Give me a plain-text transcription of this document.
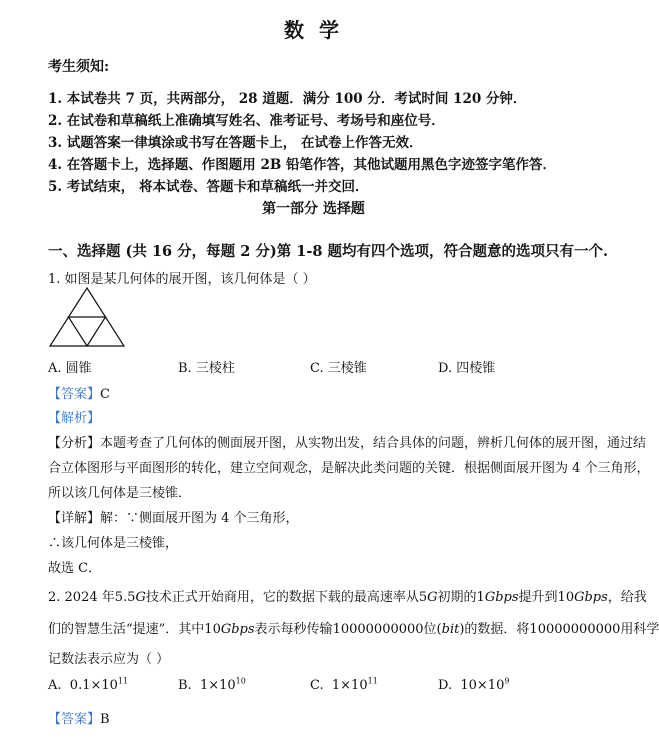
数 学
考生须知:
1. 本试卷共 7 页，共两部分， 28 道题．满分 100 分．考试时间 120 分钟．
2. 在试卷和草稿纸上准确填写姓名、准考证号、考场号和座位号．
3. 试题答案一律填涂或书写在答题卡上， 在试卷上作答无效．
4. 在答题卡上，选择题、作图题用 2B 铅笔作答，其他试题用黑色字迹签字笔作答．
5. 考试结束， 将本试卷、答题卡和草稿纸一并交回．
第一部分 选择题
一、选择题 (共 16 分，每题 2 分)第 1-8 题均有四个选项，符合题意的选项只有一个.
1. 如图是某几何体的展开图，该几何体是（ ）
A. 圆锥	B. 三棱柱	C. 三棱锥	D. 四棱锥
【答案】C
【解析】
【分析】本题考查了几何体的侧面展开图，从实物出发，结合具体的问题，辨析几何体的展开图，通过结
合立体图形与平面图形的转化，建立空间观念，是解决此类问题的关键．根据侧面展开图为 4 个三角形，
所以该几何体是三棱锥．
【详解】解：∵侧面展开图为 4 个三角形，
∴该几何体是三棱锥，
故选 C．
2. 2024 年5.5G技术正式开始商用，它的数据下载的最高速率从5G初期的1Gbps提升到10Gbps，给我
们的智慧生活“提速”．其中10Gbps表示每秒传输10000000000位(bit)的数据．将10000000000用科学
记数法表示应为（ ）
A. $0.1\times 10^{11}$	B. $1\times 10^{10}$	C. $1\times 10^{11}$	D. $10\times 10^9$
【答案】B
